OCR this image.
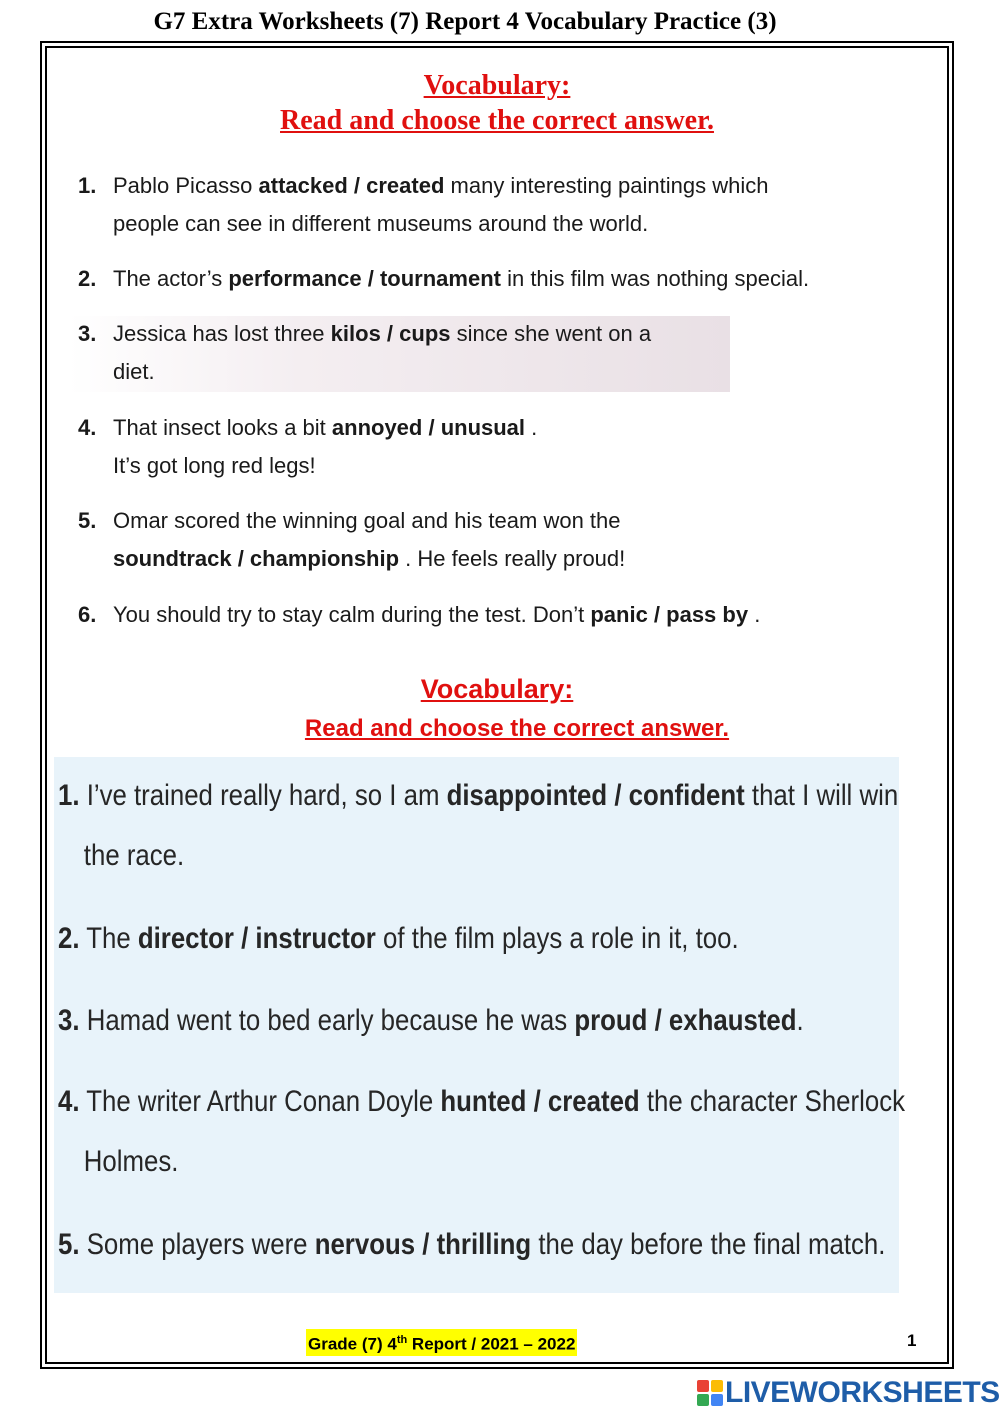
G7 Extra Worksheets (7) Report 4 Vocabulary Practice (3)
Vocabulary:
Read and choose the correct answer.
1. Pablo Picasso attacked / created many interesting paintings which
people can see in different museums around the world.
2. The actor’s performance / tournament in this film was nothing special.
3. Jessica has lost three kilos / cups since she went on a
diet.
4. That insect looks a bit annoyed / unusual .
It’s got long red legs!
5. Omar scored the winning goal and his team won the
soundtrack / championship . He feels really proud!
6. You should try to stay calm during the test. Don’t panic / pass by .
Vocabulary:
Read and choose the correct answer.
1. I’ve trained really hard, so I am disappointed / confident that I will win
the race.
2. The director / instructor of the film plays a role in it, too.
3. Hamad went to bed early because he was proud / exhausted.
4. The writer Arthur Conan Doyle hunted / created the character Sherlock
Holmes.
5. Some players were nervous / thrilling the day before the final match.
Grade (7) 4th Report / 2021 – 2022	1
LIVEWORKSHEETS
